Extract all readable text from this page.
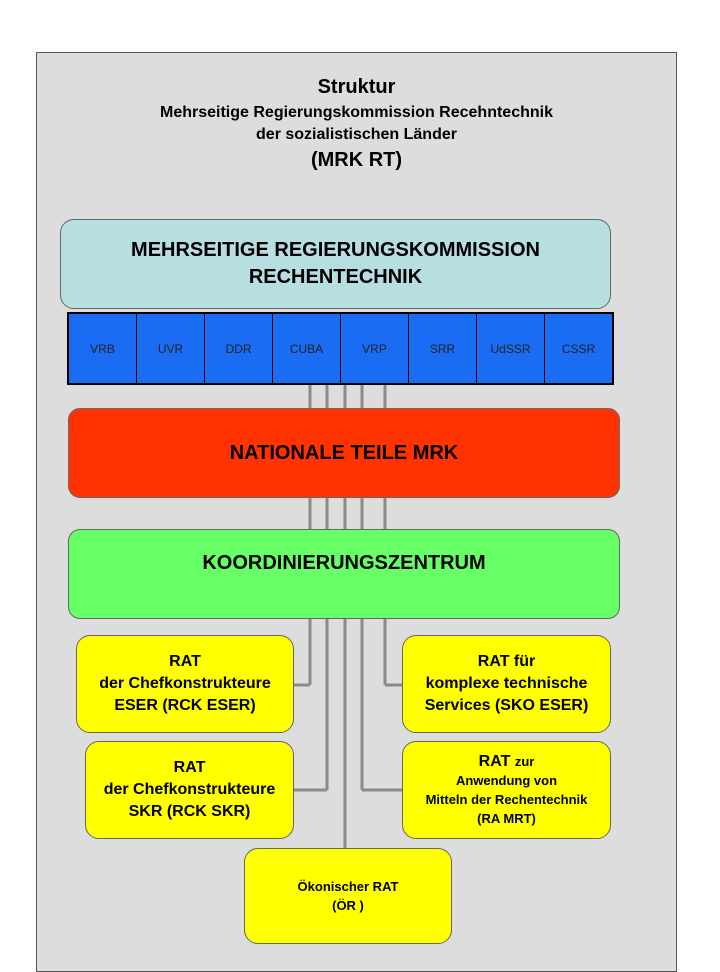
Struktur
Mehrseitige Regierungskommission Recehntechnik
der sozialistischen Länder
(MRK RT)
MEHRSEITIGE REGIERUNGSKOMMISSION
RECHENTECHNIK
VRB	UVR	DDR	CUBA	VRP	SRR	UdSSR	CSSR
NATIONALE TEILE MRK
KOORDINIERUNGSZENTRUM
RAT
der Chefkonstrukteure
ESER (RCK ESER)
RAT
der Chefkonstrukteure
SKR (RCK SKR)
RAT für
komplexe technische
Services (SKO ESER)
RAT zur
Anwendung von
Mitteln der Rechentechnik
(RA MRT)
Ökonischer RAT
(ÖR )
